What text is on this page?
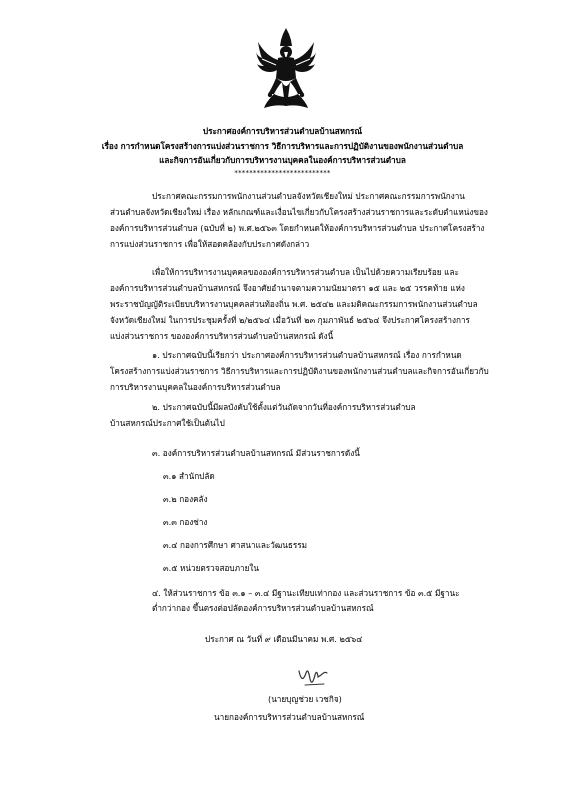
ประกาศองค์การบริหารส่วนตำบลบ้านสหกรณ์
เรื่อง การกำหนดโครงสร้างการแบ่งส่วนราชการ วิธีการบริหารและการปฏิบัติงานของพนักงานส่วนตำบล
และกิจการอันเกี่ยวกับการบริหารงานบุคคลในองค์การบริหารส่วนตำบล
**************************
ประกาศคณะกรรมการพนักงานส่วนตำบลจังหวัดเชียงใหม่ ประกาศคณะกรรมการพนักงาน
ส่วนตำบลจังหวัดเชียงใหม่ เรื่อง หลักเกณฑ์และเงื่อนไขเกี่ยวกับโครงสร้างส่วนราชการและระดับตำแหน่งของ
องค์การบริหารส่วนตำบล (ฉบับที่ ๒) พ.ศ.๒๕๖๓ โดยกำหนดให้องค์การบริหารส่วนตำบล ประกาศโครงสร้าง
การแบ่งส่วนราชการ เพื่อให้สอดคล้องกับประกาศดังกล่าว
เพื่อให้การบริหารงานบุคคลขององค์การบริหารส่วนตำบล เป็นไปด้วยความเรียบร้อย และ
องค์การบริหารส่วนตำบลบ้านสหกรณ์ จึงอาศัยอำนาจตามความนัยมาตรา ๑๕ และ ๒๕ วรรคท้าย แห่ง
พระราชบัญญัติระเบียบบริหารงานบุคคลส่วนท้องถิ่น พ.ศ. ๒๕๔๒ และมติคณะกรรมการพนักงานส่วนตำบล
จังหวัดเชียงใหม่ ในการประชุมครั้งที่ ๒/๒๕๖๔ เมื่อวันที่ ๒๓ กุมภาพันธ์ ๒๕๖๔ จึงประกาศโครงสร้างการ
แบ่งส่วนราชการ ขององค์การบริหารส่วนตำบลบ้านสหกรณ์ ดังนี้
๑. ประกาศฉบับนี้เรียกว่า ประกาศองค์การบริหารส่วนตำบลบ้านสหกรณ์ เรื่อง การกำหนด
โครงสร้างการแบ่งส่วนราชการ วิธีการบริหารและการปฏิบัติงานของพนักงานส่วนตำบลและกิจการอันเกี่ยวกับ
การบริหารงานบุคคลในองค์การบริหารส่วนตำบล
๒. ประกาศฉบับนี้มีผลบังคับใช้ตั้งแต่วันถัดจากวันที่องค์การบริหารส่วนตำบล
บ้านสหกรณ์ประกาศใช้เป็นต้นไป
๓. องค์การบริหารส่วนตำบลบ้านสหกรณ์ มีส่วนราชการดังนี้
๓.๑ สำนักปลัด
๓.๒ กองคลัง
๓.๓ กองช่าง
๓.๔ กองการศึกษา ศาสนาและวัฒนธรรม
๓.๕ หน่วยตรวจสอบภายใน
๔. ให้ส่วนราชการ ข้อ ๓.๑ – ๓.๔ มีฐานะเทียบเท่ากอง และส่วนราชการ ข้อ ๓.๕ มีฐานะ
ต่ำกว่ากอง ขึ้นตรงต่อปลัดองค์การบริหารส่วนตำบลบ้านสหกรณ์
ประกาศ ณ วันที่ ๙ เดือนมีนาคม พ.ศ. ๒๕๖๔
(นายบุญช่วย เวชกิจ)
นายกองค์การบริหารส่วนตำบลบ้านสหกรณ์
